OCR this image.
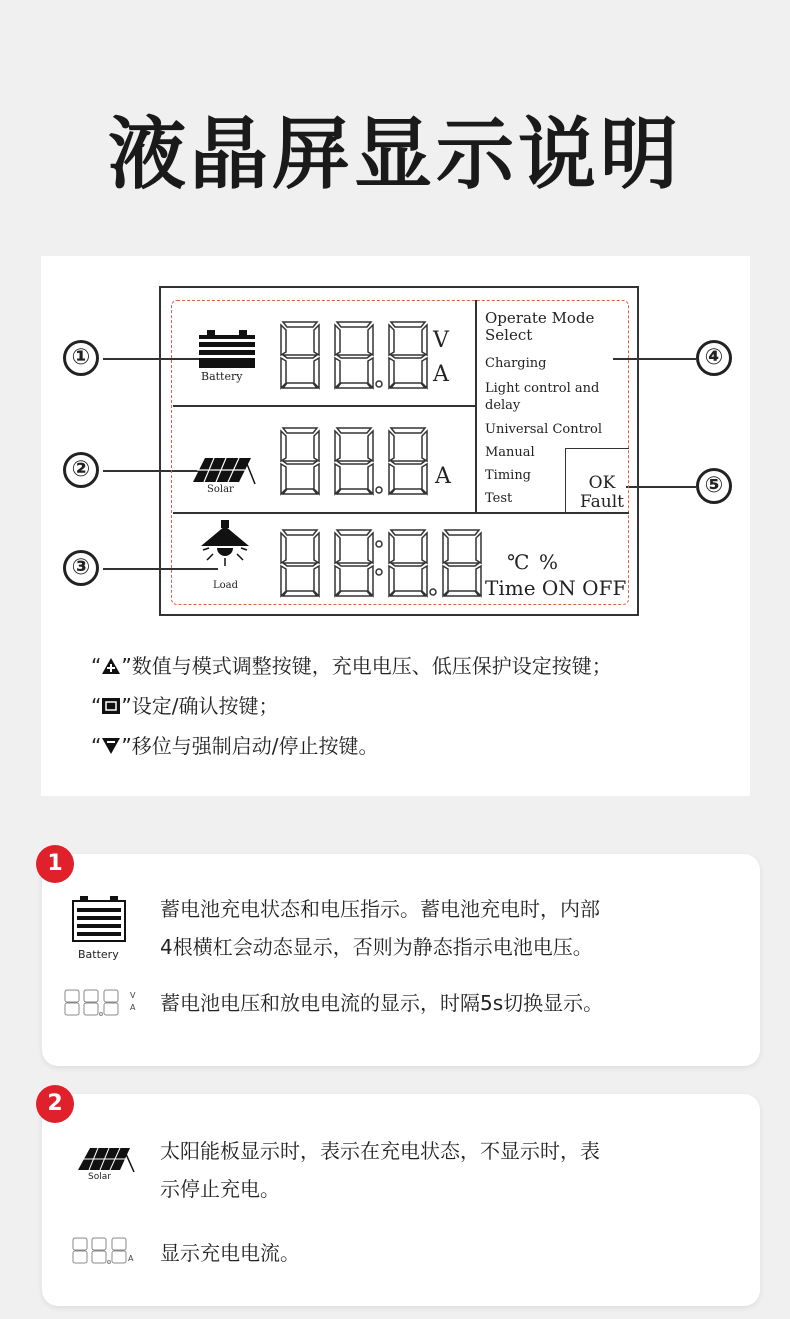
液晶屏显示说明
①
②
③
④
⑤
Battery
V
A
Solar
A
Load
℃ %
Time ON OFF
Operate Mode Select
Charging
Light control and delay
Universal Control
Manual
Timing
Test
OK
Fault
“ ”数值与模式调整按键，充电电压、低压保护设定按键；
“ ”设定/确认按键；
“ ”移位与强制启动/停止按键。
1
Battery
蓄电池充电状态和电压指示。蓄电池充电时，内部
4根横杠会动态显示，否则为静态指示电池电压。
V
A 蓄电池电压和放电电流的显示，时隔5s切换显示。
2
Solar
太阳能板显示时，表示在充电状态，不显示时，表
示停止充电。
A 显示充电电流。
